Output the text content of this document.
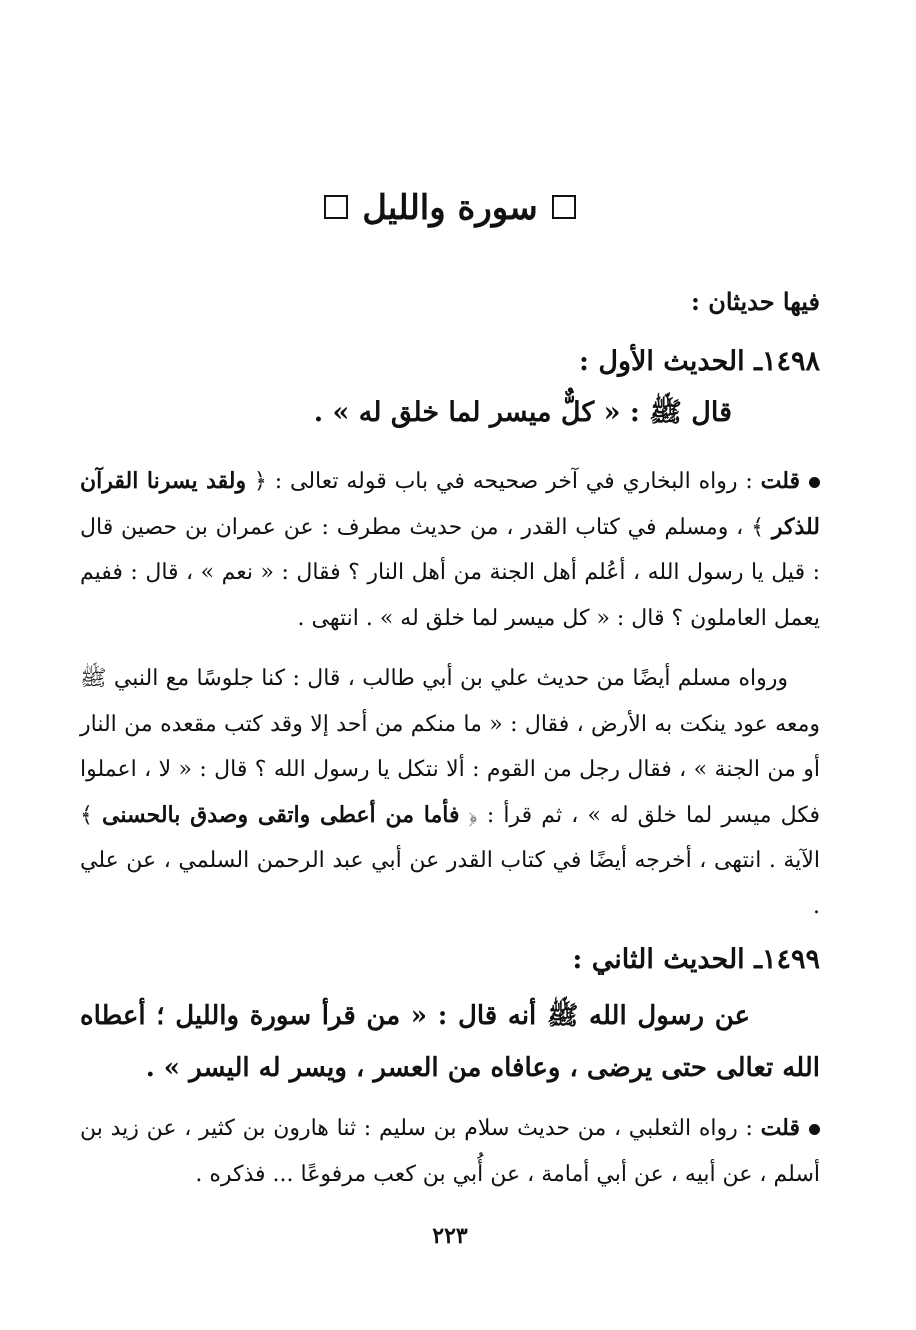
سورة والليل
فيها حديثان :
١٤٩٨ـ الحديث الأول :
قال ﷺ : « كلٌّ ميسر لما خلق له » .
قلت : رواه البخاري في آخر صحيحه في باب قوله تعالى : ﴿ ولقد يسرنا القرآن للذكر ﴾ ، ومسلم في كتاب القدر ، من حديث مطرف : عن عمران بن حصين قال : قيل يا رسول الله ، أعُلم أهل الجنة من أهل النار ؟ فقال : « نعم » ، قال : ففيم يعمل العاملون ؟ قال : « كل ميسر لما خلق له » . انتهى .
ورواه مسلم أيضًا من حديث علي بن أبي طالب ، قال : كنا جلوسًا مع النبي ﷺ ومعه عود ينكت به الأرض ، فقال : « ما منكم من أحد إلا وقد كتب مقعده من النار أو من الجنة » ، فقال رجل من القوم : ألا نتكل يا رسول الله ؟ قال : « لا ، اعملوا فكل ميسر لما خلق له » ، ثم قرأ : ﴿ فأما من أعطى واتقى وصدق بالحسنى ﴾ الآية . انتهى ، أخرجه أيضًا في كتاب القدر عن أبي عبد الرحمن السلمي ، عن علي .
١٤٩٩ـ الحديث الثاني :
عن رسول الله ﷺ أنه قال : « من قرأ سورة والليل ؛ أعطاه الله تعالى حتى يرضى ، وعافاه من العسر ، ويسر له اليسر » .
قلت : رواه الثعلبي ، من حديث سلام بن سليم : ثنا هارون بن كثير ، عن زيد بن أسلم ، عن أبيه ، عن أبي أمامة ، عن أُبي بن كعب مرفوعًا ... فذكره .
٢٢٣
